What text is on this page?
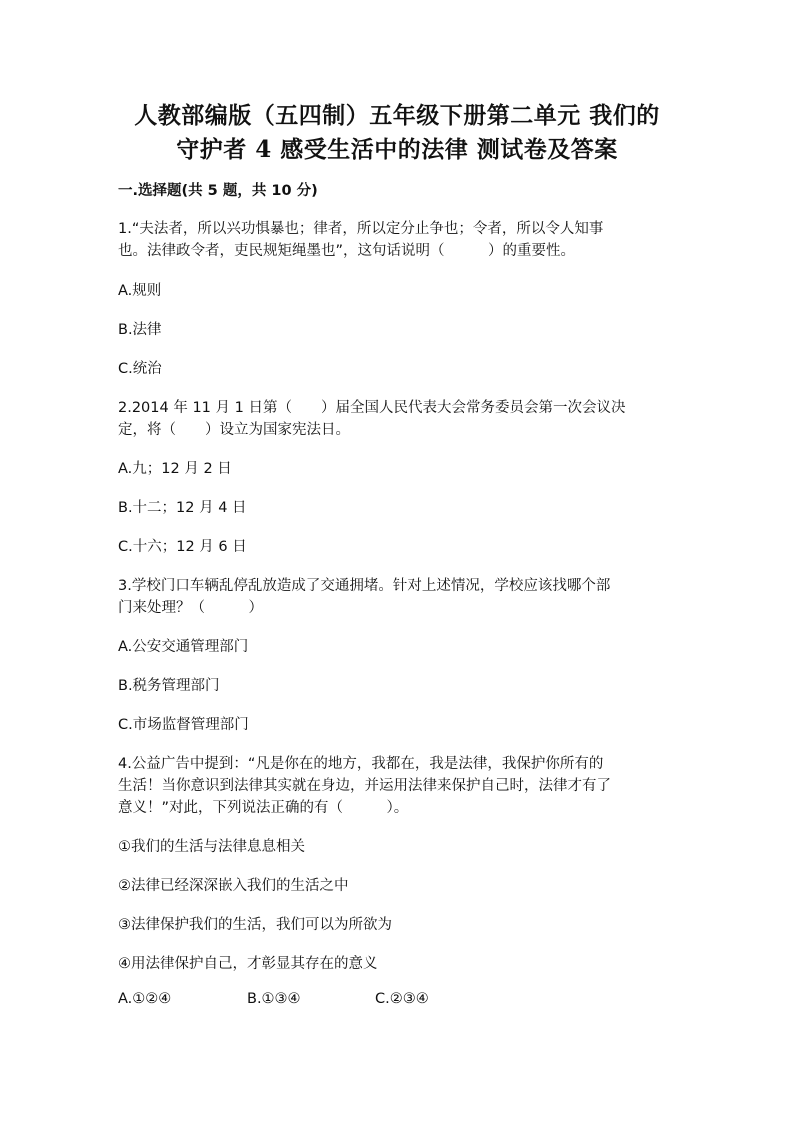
人教部编版（五四制）五年级下册第二单元 我们的
守护者 4 感受生活中的法律 测试卷及答案
一.选择题(共 5 题，共 10 分)
1.“夫法者，所以兴功惧暴也；律者，所以定分止争也；令者，所以令人知事
也。法律政令者，吏民规矩绳墨也”，这句话说明（　　　）的重要性。
A.规则
B.法律
C.统治
2.2014 年 11 月 1 日第（　　）届全国人民代表大会常务委员会第一次会议决
定，将（　　）设立为国家宪法日。
A.九；12 月 2 日
B.十二；12 月 4 日
C.十六；12 月 6 日
3.学校门口车辆乱停乱放造成了交通拥堵。针对上述情况，学校应该找哪个部
门来处理？（　　　）
A.公安交通管理部门
B.税务管理部门
C.市场监督管理部门
4.公益广告中提到：“凡是你在的地方，我都在，我是法律，我保护你所有的
生活！当你意识到法律其实就在身边，并运用法律来保护自己时，法律才有了
意义！”对此，下列说法正确的有（　　　）。
①我们的生活与法律息息相关
②法律已经深深嵌入我们的生活之中
③法律保护我们的生活，我们可以为所欲为
④用法律保护自己，才彰显其存在的意义
A.①②④	B.①③④	C.②③④
